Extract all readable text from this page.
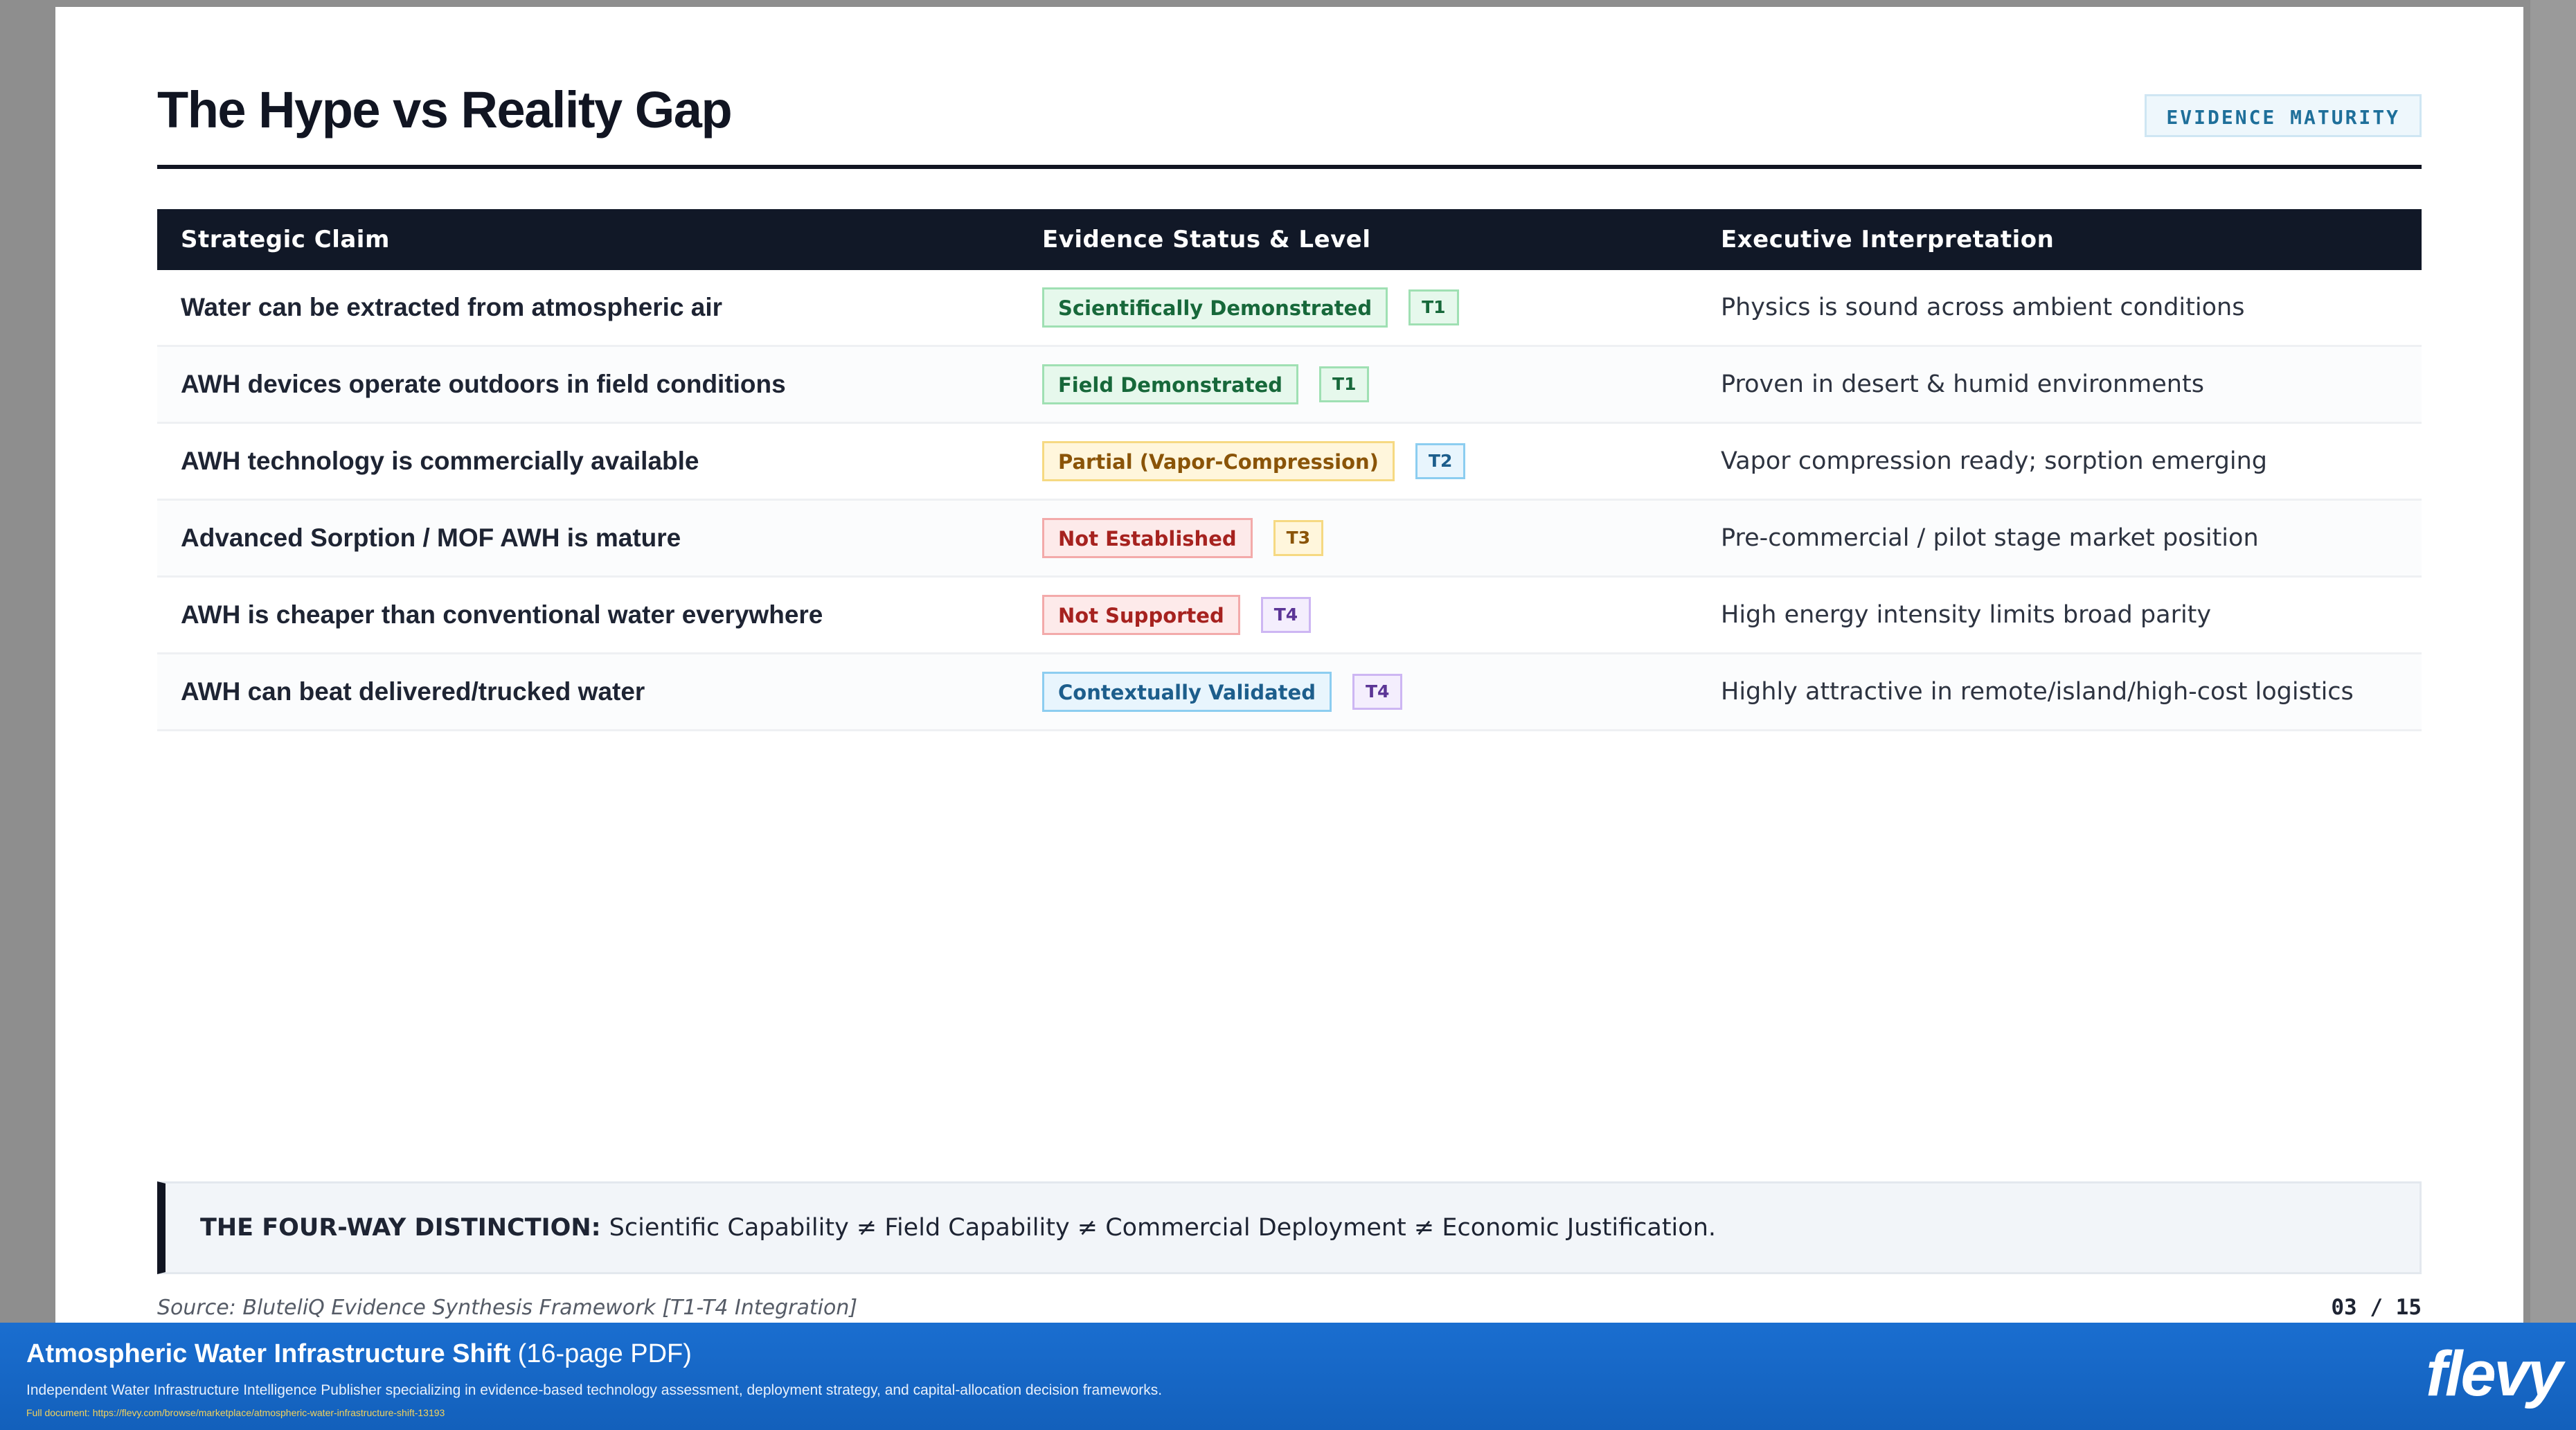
The Hype vs Reality Gap	EVIDENCE MATURITY
Strategic Claim	Evidence Status & Level	Executive Interpretation
Water can be extracted from atmospheric air	Scientifically Demonstrated T1	Physics is sound across ambient conditions
AWH devices operate outdoors in field conditions	Field Demonstrated T1	Proven in desert & humid environments
AWH technology is commercially available	Partial (Vapor-Compression) T2	Vapor compression ready; sorption emerging
Advanced Sorption / MOF AWH is mature	Not Established T3	Pre-commercial / pilot stage market position
AWH is cheaper than conventional water everywhere	Not Supported T4	High energy intensity limits broad parity
AWH can beat delivered/trucked water	Contextually Validated T4	Highly attractive in remote/island/high-cost logistics
THE FOUR-WAY DISTINCTION: Scientific Capability ≠ Field Capability ≠ Commercial Deployment ≠ Economic Justification.
Source: BluteliQ Evidence Synthesis Framework [T1-T4 Integration]	03 / 15
Atmospheric Water Infrastructure Shift (16-page PDF)
Independent Water Infrastructure Intelligence Publisher specializing in evidence-based technology assessment, deployment strategy, and capital-allocation decision frameworks.
Full document: https://flevy.com/browse/marketplace/atmospheric-water-infrastructure-shift-13193
flevy
